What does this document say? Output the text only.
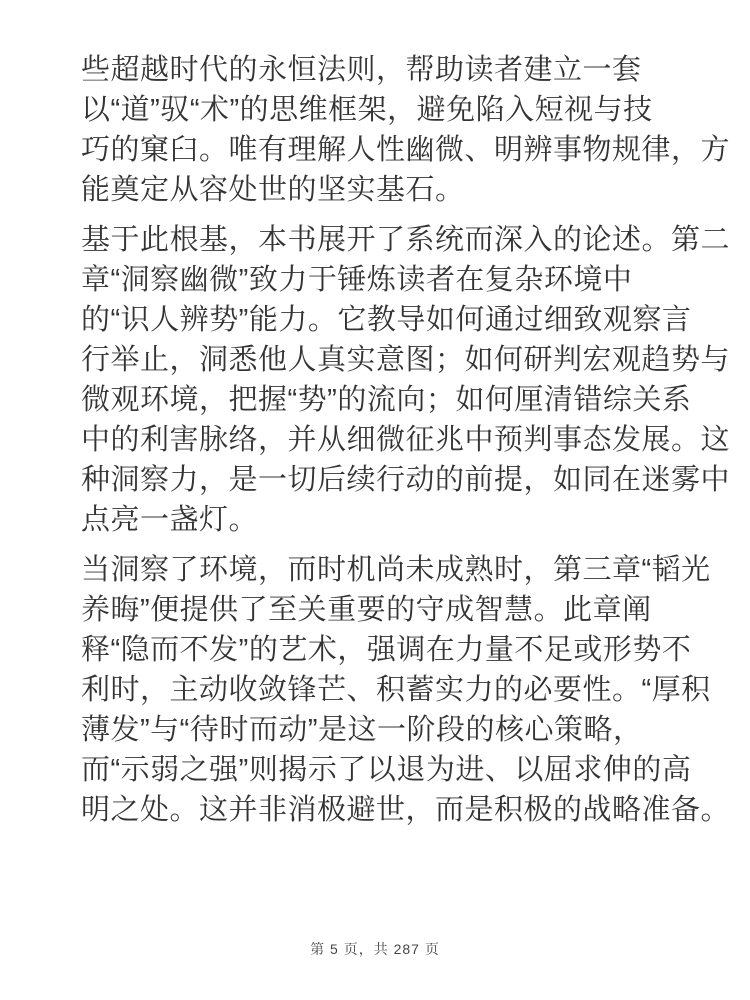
些超越时代的永恒法则，帮助读者建立一套
以“道”驭“术”的思维框架，避免陷入短视与技
巧的窠臼。唯有理解人性幽微、明辨事物规律，方
能奠定从容处世的坚实基石。
基于此根基，本书展开了系统而深入的论述。第二
章“洞察幽微”致力于锤炼读者在复杂环境中
的“识人辨势”能力。它教导如何通过细致观察言
行举止，洞悉他人真实意图；如何研判宏观趋势与
微观环境，把握“势”的流向；如何厘清错综关系
中的利害脉络，并从细微征兆中预判事态发展。这
种洞察力，是一切后续行动的前提，如同在迷雾中
点亮一盏灯。
当洞察了环境，而时机尚未成熟时，第三章“韬光
养晦”便提供了至关重要的守成智慧。此章阐
释“隐而不发”的艺术，强调在力量不足或形势不
利时，主动收敛锋芒、积蓄实力的必要性。“厚积
薄发”与“待时而动”是这一阶段的核心策略，
而“示弱之强”则揭示了以退为进、以屈求伸的高
明之处。这并非消极避世，而是积极的战略准备。
第 5 页，共 287 页
